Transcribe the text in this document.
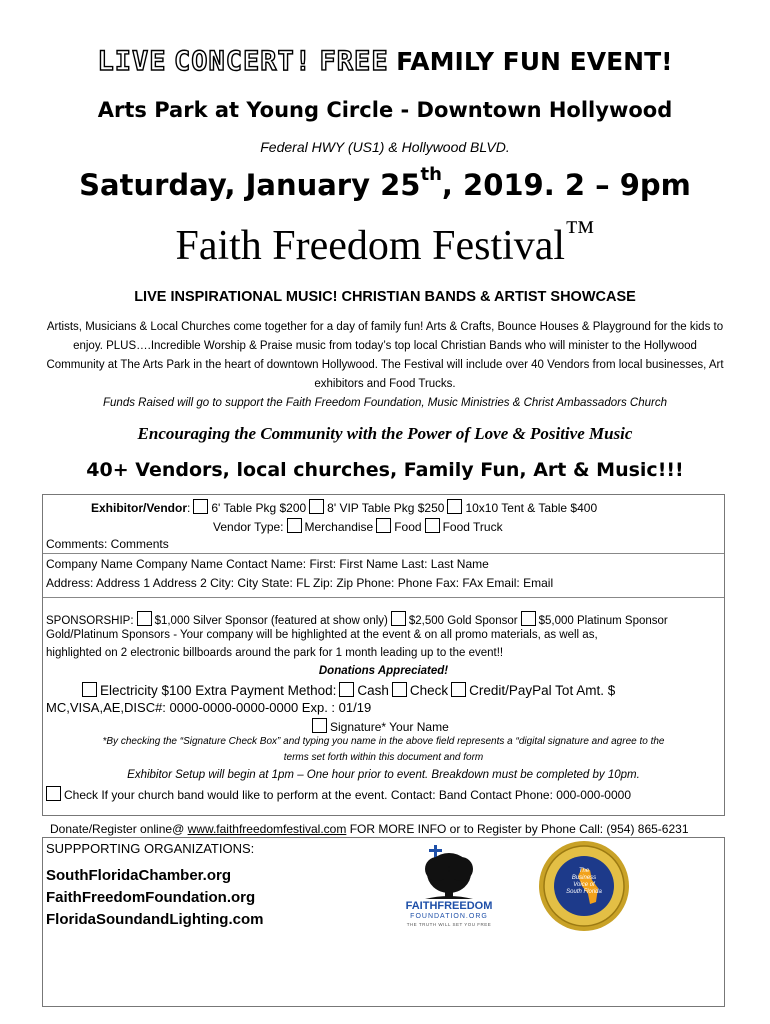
LIVE CONCERT! FREE FAMILY FUN EVENT!
Arts Park at Young Circle - Downtown Hollywood
Federal HWY (US1) & Hollywood BLVD.
Saturday, January 25th, 2019. 2 – 9pm
Faith Freedom Festival™
LIVE INSPIRATIONAL MUSIC! CHRISTIAN BANDS & ARTIST SHOWCASE
Artists, Musicians & Local Churches come together for a day of family fun! Arts & Crafts, Bounce Houses & Playground for the kids to enjoy. PLUS….Incredible Worship & Praise music from today’s top local Christian Bands who will minister to the Hollywood Community at The Arts Park in the heart of downtown Hollywood. The Festival will include over 40 Vendors from local businesses, Art exhibitors and Food Trucks.
Funds Raised will go to support the Faith Freedom Foundation, Music Ministries & Christ Ambassadors Church
Encouraging the Community with the Power of Love & Positive Music
40+ Vendors, local churches, Family Fun, Art & Music!!!
Exhibitor/Vendor: 6' Table Pkg $200 8' VIP Table Pkg $250 10x10 Tent & Table $400
Vendor Type: Merchandise Food Food Truck
Comments: Comments
Company Name Company Name Contact Name: First: First Name Last: Last Name
Address: Address 1 Address 2 City: City State: FL Zip: Zip Phone: Phone Fax: FAx Email: Email
SPONSORSHIP: $1,000 Silver Sponsor (featured at show only) $2,500 Gold Sponsor $5,000 Platinum Sponsor
Gold/Platinum Sponsors - Your company will be highlighted at the event & on all promo materials, as well as,
highlighted on 2 electronic billboards around the park for 1 month leading up to the event!!
Donations Appreciated!
Electricity $100 Extra Payment Method: Cash Check Credit/PayPal Tot Amt. $
MC,VISA,AE,DISC#: 0000-0000-0000-0000 Exp. : 01/19
Signature* Your Name
*By checking the “Signature Check Box” and typing you name in the above field represents a “digital signature and agree to the
terms set forth within this document and form
Exhibitor Setup will begin at 1pm – One hour prior to event. Breakdown must be completed by 10pm.
Check If your church band would like to perform at the event. Contact: Band Contact Phone: 000-000-0000
Donate/Register online@ www.faithfreedomfestival.com FOR MORE INFO or to Register by Phone Call: (954) 865-6231
SUPPPORTING ORGANIZATIONS:
SouthFloridaChamber.org
FaithFreedomFoundation.org
FloridaSoundandLighting.com
FAITHFREEDOM
FOUNDATION.ORG
THE TRUTH WILL SET YOU FREE
The
Business
Voice of
South Florida
